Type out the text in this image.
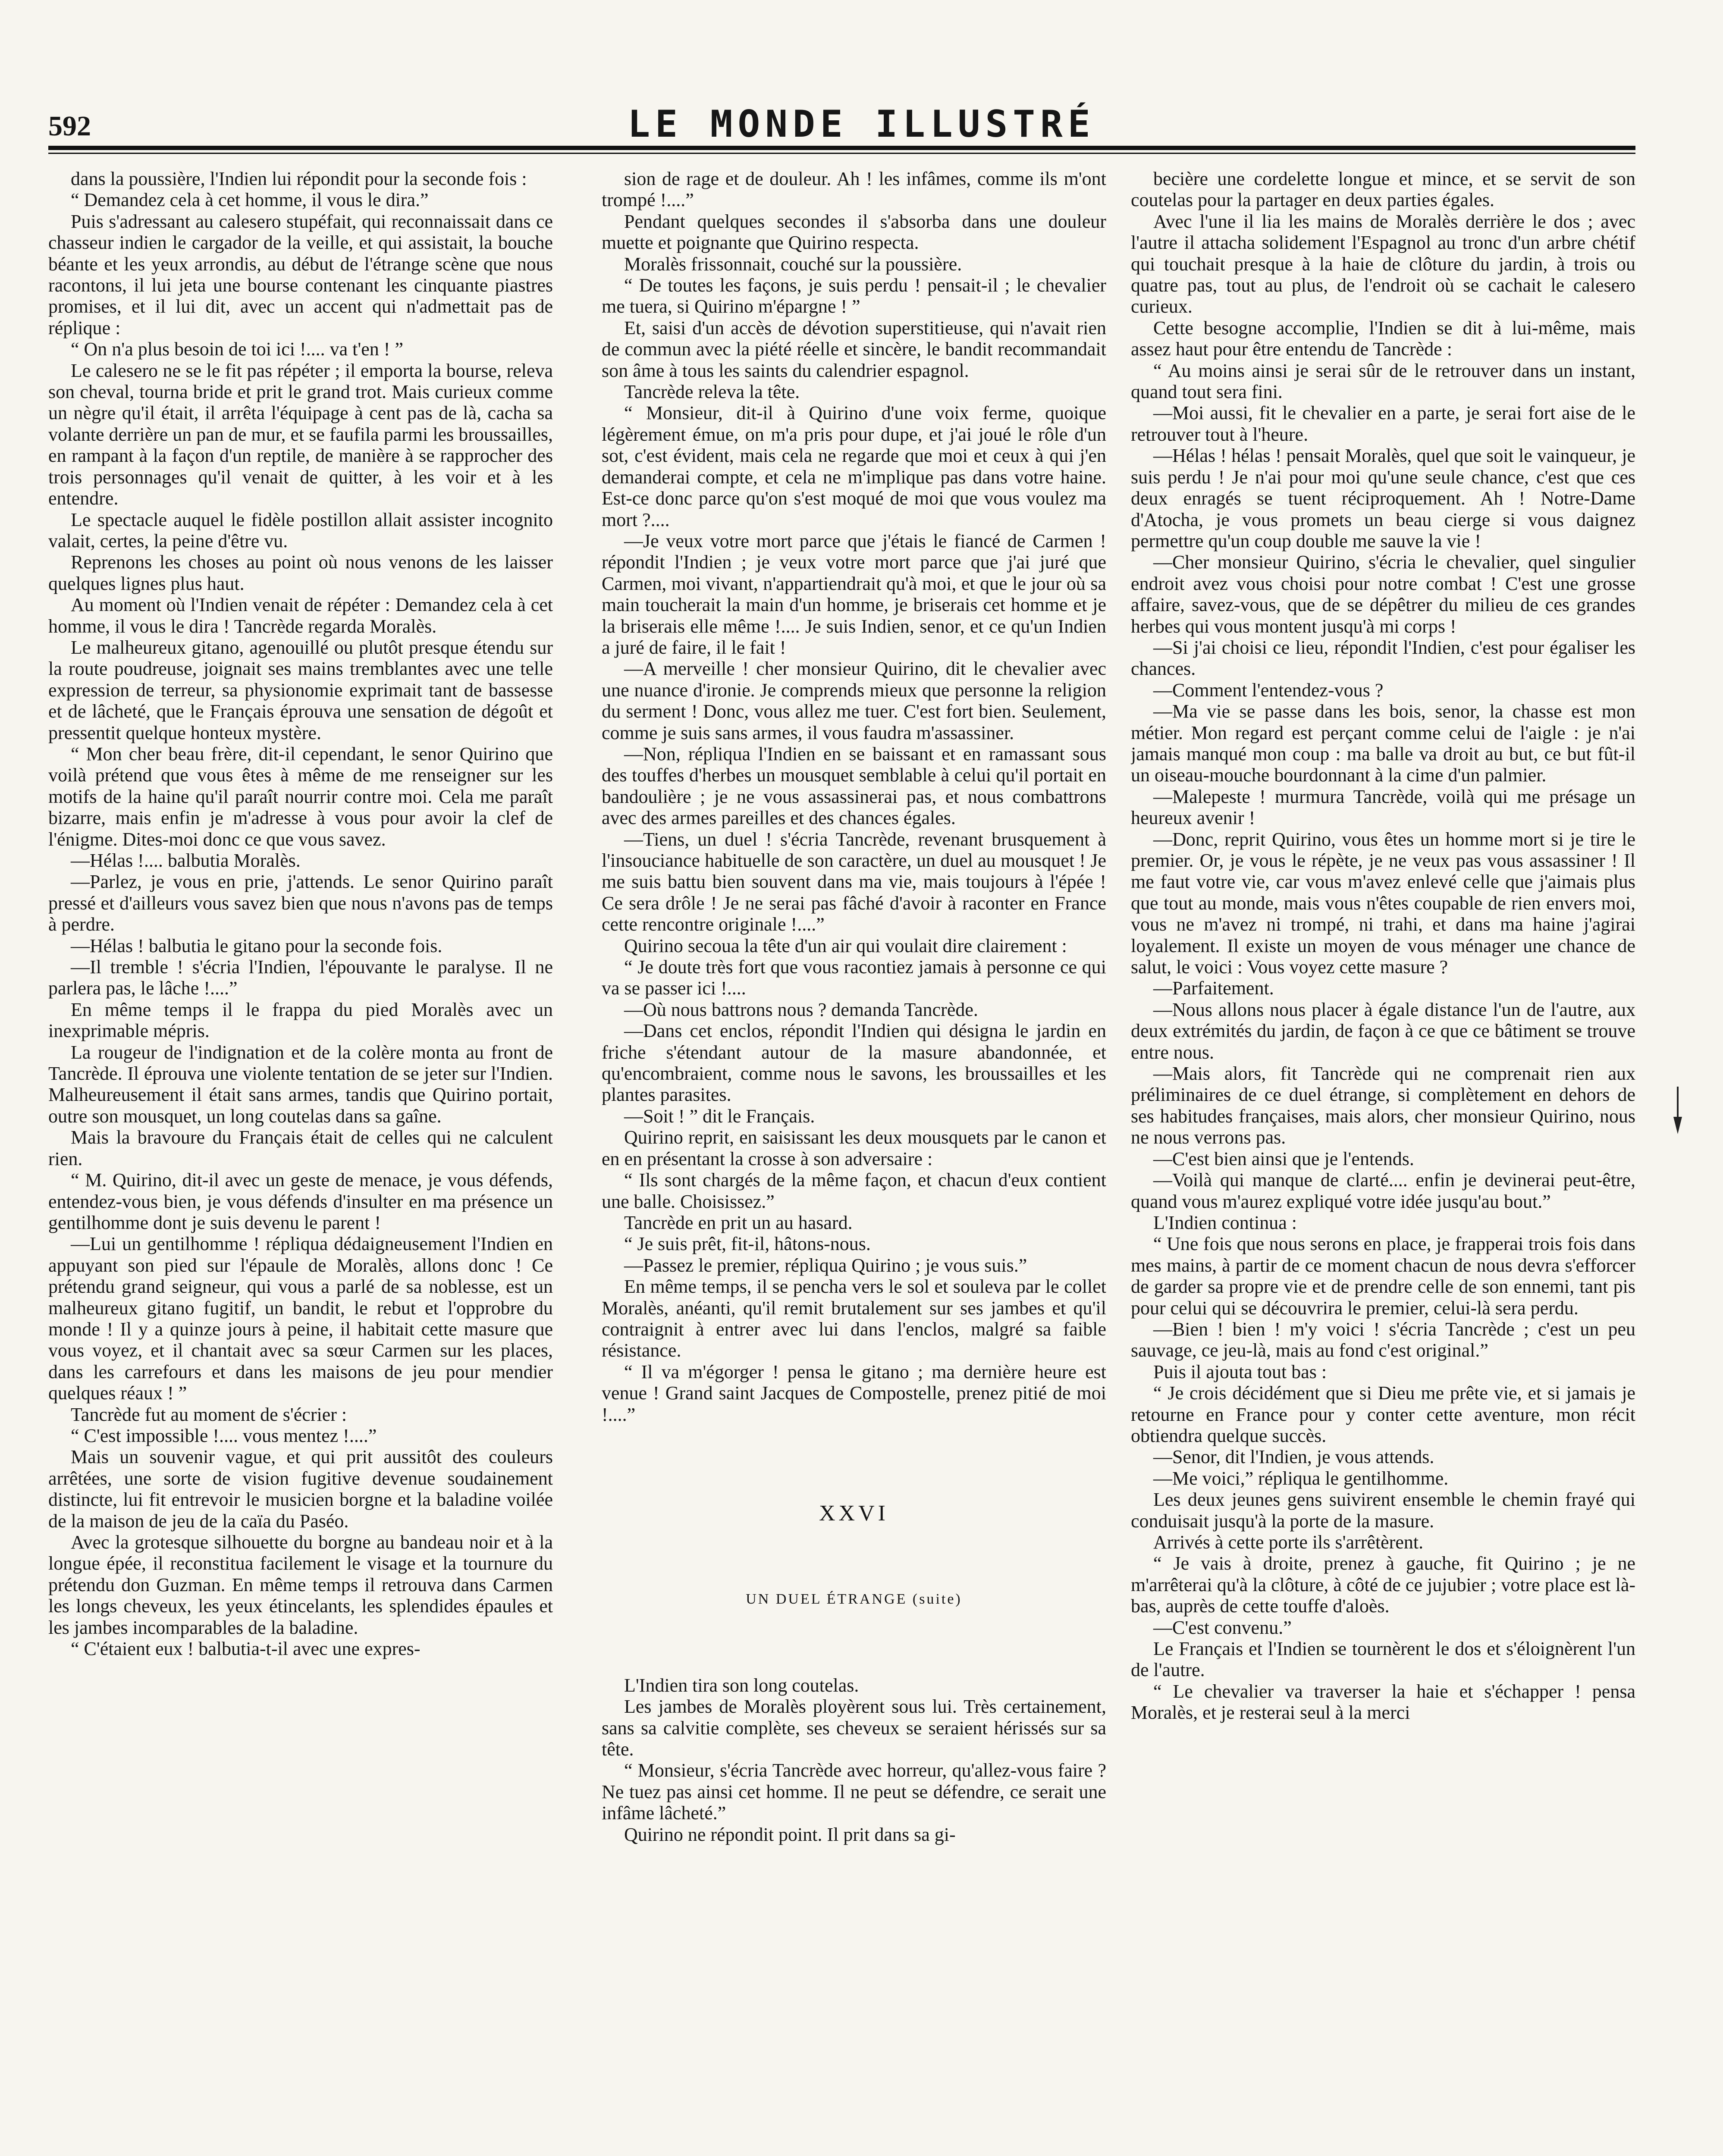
592	LE MONDE ILLUSTRÉ

dans la poussière, l'Indien lui répondit pour la seconde fois :

“ Demandez cela à cet homme, il vous le dira.”

Puis s'adressant au calesero stupéfait, qui reconnaissait dans ce chasseur indien le cargador de la veille, et qui assistait, la bouche béante et les yeux arrondis, au début de l'étrange scène que nous racontons, il lui jeta une bourse contenant les cinquante piastres promises, et il lui dit, avec un accent qui n'admettait pas de réplique :

“ On n'a plus besoin de toi ici !.... va t'en ! ”

Le calesero ne se le fit pas répéter ; il emporta la bourse, releva son cheval, tourna bride et prit le grand trot. Mais curieux comme un nègre qu'il était, il arrêta l'équipage à cent pas de là, cacha sa volante derrière un pan de mur, et se faufila parmi les broussailles, en rampant à la façon d'un reptile, de manière à se rapprocher des trois personnages qu'il venait de quitter, à les voir et à les entendre.

Le spectacle auquel le fidèle postillon allait assister incognito valait, certes, la peine d'être vu.

Reprenons les choses au point où nous venons de les laisser quelques lignes plus haut.

Au moment où l'Indien venait de répéter : Demandez cela à cet homme, il vous le dira ! Tancrède regarda Moralès.

Le malheureux gitano, agenouillé ou plutôt presque étendu sur la route poudreuse, joignait ses mains tremblantes avec une telle expression de terreur, sa physionomie exprimait tant de bassesse et de lâcheté, que le Français éprouva une sensation de dégoût et pressentit quelque honteux mystère.

“ Mon cher beau frère, dit-il cependant, le senor Quirino que voilà prétend que vous êtes à même de me renseigner sur les motifs de la haine qu'il paraît nourrir contre moi. Cela me paraît bizarre, mais enfin je m'adresse à vous pour avoir la clef de l'énigme. Dites-moi donc ce que vous savez.

—Hélas !.... balbutia Moralès.

—Parlez, je vous en prie, j'attends. Le senor Quirino paraît pressé et d'ailleurs vous savez bien que nous n'avons pas de temps à perdre.

—Hélas ! balbutia le gitano pour la seconde fois.

—Il tremble ! s'écria l'Indien, l'épouvante le paralyse. Il ne parlera pas, le lâche !....”

En même temps il le frappa du pied Moralès avec un inexprimable mépris.

La rougeur de l'indignation et de la colère monta au front de Tancrède. Il éprouva une violente tentation de se jeter sur l'Indien. Malheureusement il était sans armes, tandis que Quirino portait, outre son mousquet, un long coutelas dans sa gaîne.

Mais la bravoure du Français était de celles qui ne calculent rien.

“ M. Quirino, dit-il avec un geste de menace, je vous défends, entendez-vous bien, je vous défends d'insulter en ma présence un gentilhomme dont je suis devenu le parent !

—Lui un gentilhomme ! répliqua dédaigneusement l'Indien en appuyant son pied sur l'épaule de Moralès, allons donc ! Ce prétendu grand seigneur, qui vous a parlé de sa noblesse, est un malheureux gitano fugitif, un bandit, le rebut et l'opprobre du monde ! Il y a quinze jours à peine, il habitait cette masure que vous voyez, et il chantait avec sa sœur Carmen sur les places, dans les carrefours et dans les maisons de jeu pour mendier quelques réaux ! ”

Tancrède fut au moment de s'écrier :

“ C'est impossible !.... vous mentez !....”

Mais un souvenir vague, et qui prit aussitôt des couleurs arrêtées, une sorte de vision fugitive devenue soudainement distincte, lui fit entrevoir le musicien borgne et la baladine voilée de la maison de jeu de la caïa du Paséo.

Avec la grotesque silhouette du borgne au bandeau noir et à la longue épée, il reconstitua facilement le visage et la tournure du prétendu don Guzman. En même temps il retrouva dans Carmen les longs cheveux, les yeux étincelants, les splendides épaules et les jambes incomparables de la baladine.

“ C'étaient eux ! balbutia-t-il avec une expres-

sion de rage et de douleur. Ah ! les infâmes, comme ils m'ont trompé !....”

Pendant quelques secondes il s'absorba dans une douleur muette et poignante que Quirino respecta.

Moralès frissonnait, couché sur la poussière.

“ De toutes les façons, je suis perdu ! pensait-il ; le chevalier me tuera, si Quirino m'épargne ! ”

Et, saisi d'un accès de dévotion superstitieuse, qui n'avait rien de commun avec la piété réelle et sincère, le bandit recommandait son âme à tous les saints du calendrier espagnol.

Tancrède releva la tête.

“ Monsieur, dit-il à Quirino d'une voix ferme, quoique légèrement émue, on m'a pris pour dupe, et j'ai joué le rôle d'un sot, c'est évident, mais cela ne regarde que moi et ceux à qui j'en demanderai compte, et cela ne m'implique pas dans votre haine. Est-ce donc parce qu'on s'est moqué de moi que vous voulez ma mort ?....

—Je veux votre mort parce que j'étais le fiancé de Carmen ! répondit l'Indien ; je veux votre mort parce que j'ai juré que Carmen, moi vivant, n'appartiendrait qu'à moi, et que le jour où sa main toucherait la main d'un homme, je briserais cet homme et je la briserais elle même !.... Je suis Indien, senor, et ce qu'un Indien a juré de faire, il le fait !

—A merveille ! cher monsieur Quirino, dit le chevalier avec une nuance d'ironie. Je comprends mieux que personne la religion du serment ! Donc, vous allez me tuer. C'est fort bien. Seulement, comme je suis sans armes, il vous faudra m'assassiner.

—Non, répliqua l'Indien en se baissant et en ramassant sous des touffes d'herbes un mousquet semblable à celui qu'il portait en bandoulière ; je ne vous assassinerai pas, et nous combattrons avec des armes pareilles et des chances égales.

—Tiens, un duel ! s'écria Tancrède, revenant brusquement à l'insouciance habituelle de son caractère, un duel au mousquet ! Je me suis battu bien souvent dans ma vie, mais toujours à l'épée ! Ce sera drôle ! Je ne serai pas fâché d'avoir à raconter en France cette rencontre originale !....”

Quirino secoua la tête d'un air qui voulait dire clairement :

“ Je doute très fort que vous racontiez jamais à personne ce qui va se passer ici !....

—Où nous battrons nous ? demanda Tancrède.

—Dans cet enclos, répondit l'Indien qui désigna le jardin en friche s'étendant autour de la masure abandonnée, et qu'encombraient, comme nous le savons, les broussailles et les plantes parasites.

—Soit ! ” dit le Français.

Quirino reprit, en saisissant les deux mousquets par le canon et en en présentant la crosse à son adversaire :

“ Ils sont chargés de la même façon, et chacun d'eux contient une balle. Choisissez.”

Tancrède en prit un au hasard.

“ Je suis prêt, fit-il, hâtons-nous.

—Passez le premier, répliqua Quirino ; je vous suis.”

En même temps, il se pencha vers le sol et souleva par le collet Moralès, anéanti, qu'il remit brutalement sur ses jambes et qu'il contraignit à entrer avec lui dans l'enclos, malgré sa faible résistance.

“ Il va m'égorger ! pensa le gitano ; ma dernière heure est venue ! Grand saint Jacques de Compostelle, prenez pitié de moi !....”

XXVI
UN DUEL ÉTRANGE (suite)

L'Indien tira son long coutelas.

Les jambes de Moralès ployèrent sous lui. Très certainement, sans sa calvitie complète, ses cheveux se seraient hérissés sur sa tête.

“ Monsieur, s'écria Tancrède avec horreur, qu'allez-vous faire ? Ne tuez pas ainsi cet homme. Il ne peut se défendre, ce serait une infâme lâcheté.”

Quirino ne répondit point. Il prit dans sa gi-

becière une cordelette longue et mince, et se servit de son coutelas pour la partager en deux parties égales.

Avec l'une il lia les mains de Moralès derrière le dos ; avec l'autre il attacha solidement l'Espagnol au tronc d'un arbre chétif qui touchait presque à la haie de clôture du jardin, à trois ou quatre pas, tout au plus, de l'endroit où se cachait le calesero curieux.

Cette besogne accomplie, l'Indien se dit à lui-même, mais assez haut pour être entendu de Tancrède :

“ Au moins ainsi je serai sûr de le retrouver dans un instant, quand tout sera fini.

—Moi aussi, fit le chevalier en a parte, je serai fort aise de le retrouver tout à l'heure.

—Hélas ! hélas ! pensait Moralès, quel que soit le vainqueur, je suis perdu ! Je n'ai pour moi qu'une seule chance, c'est que ces deux enragés se tuent réciproquement. Ah ! Notre-Dame d'Atocha, je vous promets un beau cierge si vous daignez permettre qu'un coup double me sauve la vie !

—Cher monsieur Quirino, s'écria le chevalier, quel singulier endroit avez vous choisi pour notre combat ! C'est une grosse affaire, savez-vous, que de se dépêtrer du milieu de ces grandes herbes qui vous montent jusqu'à mi corps !

—Si j'ai choisi ce lieu, répondit l'Indien, c'est pour égaliser les chances.

—Comment l'entendez-vous ?

—Ma vie se passe dans les bois, senor, la chasse est mon métier. Mon regard est perçant comme celui de l'aigle : je n'ai jamais manqué mon coup : ma balle va droit au but, ce but fût-il un oiseau-mouche bourdonnant à la cime d'un palmier.

—Malepeste ! murmura Tancrède, voilà qui me présage un heureux avenir !

—Donc, reprit Quirino, vous êtes un homme mort si je tire le premier. Or, je vous le répète, je ne veux pas vous assassiner ! Il me faut votre vie, car vous m'avez enlevé celle que j'aimais plus que tout au monde, mais vous n'êtes coupable de rien envers moi, vous ne m'avez ni trompé, ni trahi, et dans ma haine j'agirai loyalement. Il existe un moyen de vous ménager une chance de salut, le voici : Vous voyez cette masure ?

—Parfaitement.

—Nous allons nous placer à égale distance l'un de l'autre, aux deux extrémités du jardin, de façon à ce que ce bâtiment se trouve entre nous.

—Mais alors, fit Tancrède qui ne comprenait rien aux préliminaires de ce duel étrange, si complètement en dehors de ses habitudes françaises, mais alors, cher monsieur Quirino, nous ne nous verrons pas.

—C'est bien ainsi que je l'entends.

—Voilà qui manque de clarté.... enfin je devinerai peut-être, quand vous m'aurez expliqué votre idée jusqu'au bout.”

L'Indien continua :

“ Une fois que nous serons en place, je frapperai trois fois dans mes mains, à partir de ce moment chacun de nous devra s'efforcer de garder sa propre vie et de prendre celle de son ennemi, tant pis pour celui qui se découvrira le premier, celui-là sera perdu.

—Bien ! bien ! m'y voici ! s'écria Tancrède ; c'est un peu sauvage, ce jeu-là, mais au fond c'est original.”

Puis il ajouta tout bas :

“ Je crois décidément que si Dieu me prête vie, et si jamais je retourne en France pour y conter cette aventure, mon récit obtiendra quelque succès.

—Senor, dit l'Indien, je vous attends.

—Me voici,” répliqua le gentilhomme.

Les deux jeunes gens suivirent ensemble le chemin frayé qui conduisait jusqu'à la porte de la masure.

Arrivés à cette porte ils s'arrêtèrent.

“ Je vais à droite, prenez à gauche, fit Quirino ; je ne m'arrêterai qu'à la clôture, à côté de ce jujubier ; votre place est là-bas, auprès de cette touffe d'aloès.

—C'est convenu.”

Le Français et l'Indien se tournèrent le dos et s'éloignèrent l'un de l'autre.

“ Le chevalier va traverser la haie et s'échapper ! pensa Moralès, et je resterai seul à la merci
